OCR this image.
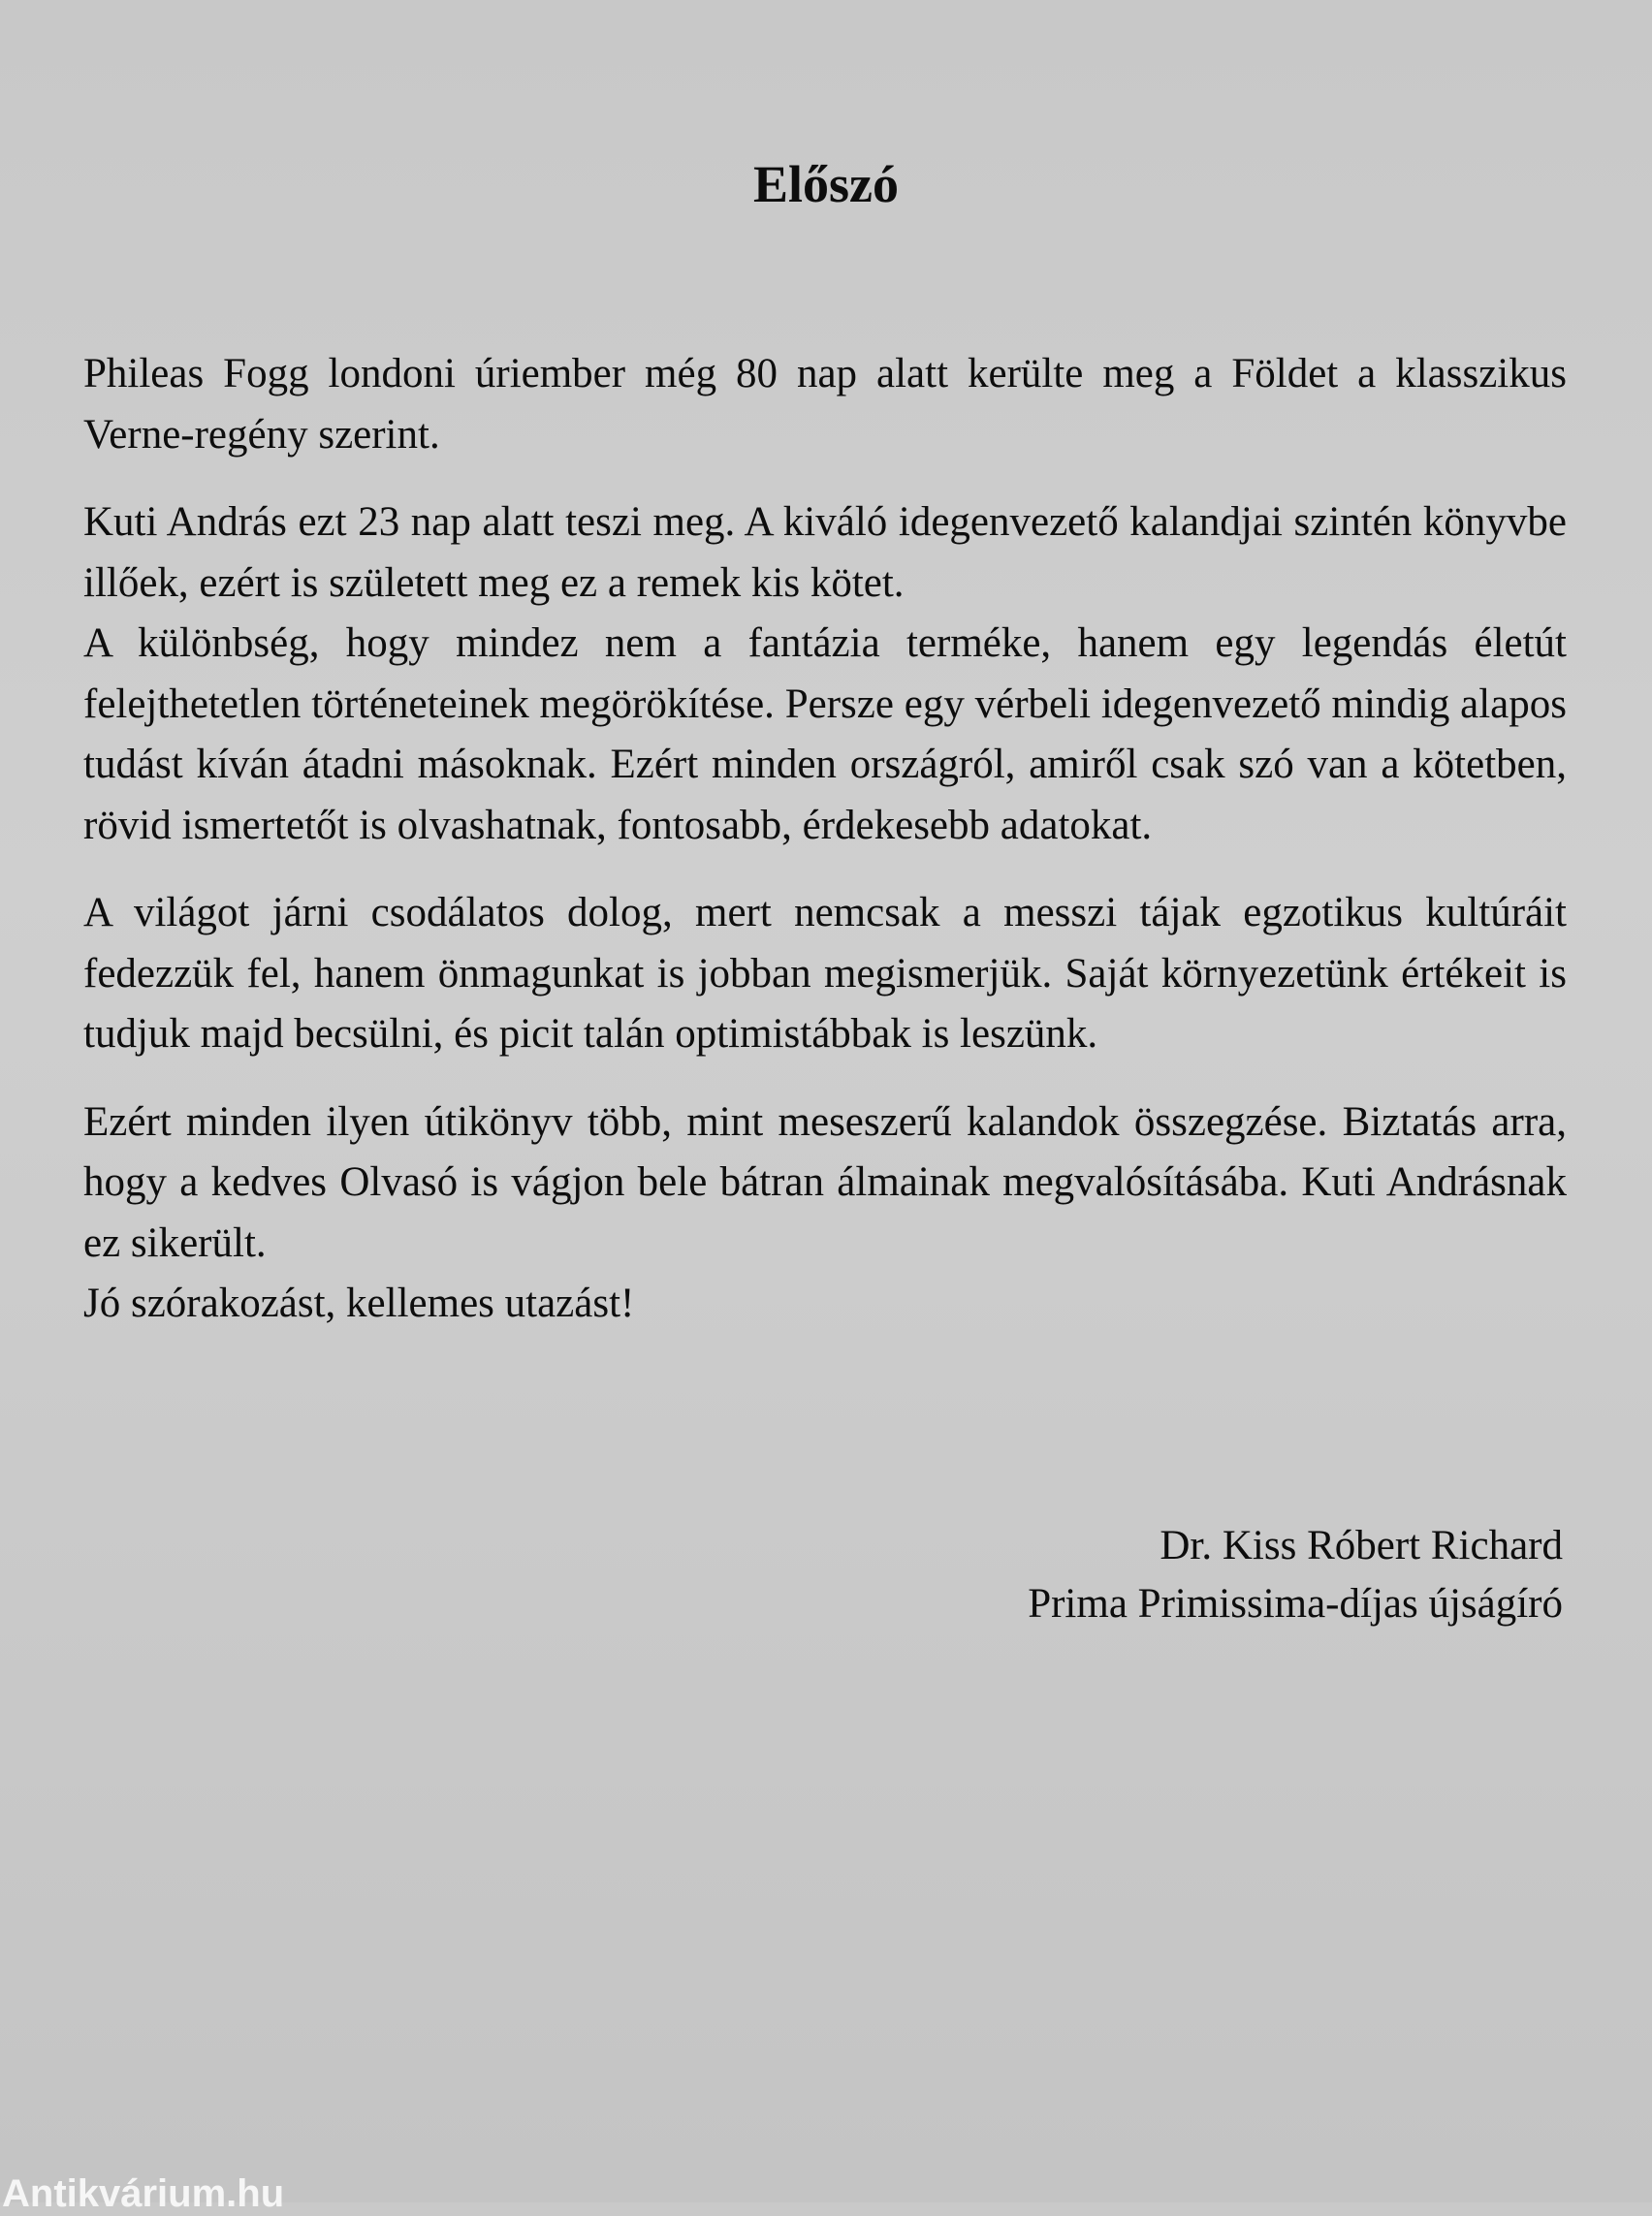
Előszó

Phileas Fogg londoni úriember még 80 nap alatt kerülte meg a Földet a klasszikus Verne-regény szerint.

Kuti András ezt 23 nap alatt teszi meg. A kiváló idegenvezető kalandjai szintén könyvbe illőek, ezért is született meg ez a remek kis kötet.

A különbség, hogy mindez nem a fantázia terméke, hanem egy legendás életút felejthetetlen történeteinek megörökítése. Persze egy vérbeli idegenvezető mindig alapos tudást kíván átadni másoknak. Ezért minden országról, amiről csak szó van a kötetben, rövid ismertetőt is olvashatnak, fontosabb, érdekesebb adatokat.

A világot járni csodálatos dolog, mert nemcsak a messzi tájak egzotikus kultúráit fedezzük fel, hanem önmagunkat is jobban megismerjük. Saját környezetünk értékeit is tudjuk majd becsülni, és picit talán optimistábbak is leszünk.

Ezért minden ilyen útikönyv több, mint meseszerű kalandok összegzése. Biztatás arra, hogy a kedves Olvasó is vágjon bele bátran álmainak megvalósításába. Kuti Andrásnak ez sikerült.

Jó szórakozást, kellemes utazást!

Dr. Kiss Róbert Richard
Prima Primissima-díjas újságíró
Antikvárium.hu
